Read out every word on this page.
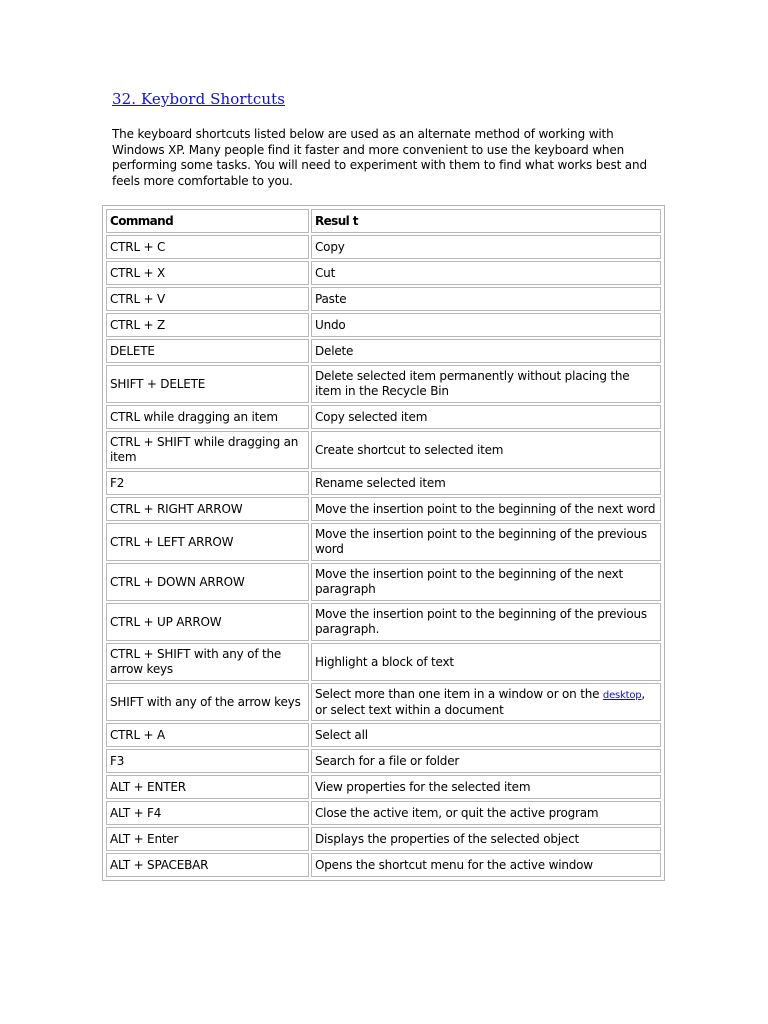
32. Keybord Shortcuts

The keyboard shortcuts listed below are used as an alternate method of working with Windows XP. Many people find it faster and more convenient to use the keyboard when performing some tasks. You will need to experiment with them to find what works best and feels more comfortable to you.

Command	Resul t
CTRL + C	Copy
CTRL + X	Cut
CTRL + V	Paste
CTRL + Z	Undo
DELETE	Delete
SHIFT + DELETE	Delete selected item permanently without placing the item in the Recycle Bin
CTRL while dragging an item	Copy selected item
CTRL + SHIFT while dragging an item	Create shortcut to selected item
F2	Rename selected item
CTRL + RIGHT ARROW	Move the insertion point to the beginning of the next word
CTRL + LEFT ARROW	Move the insertion point to the beginning of the previous word
CTRL + DOWN ARROW	Move the insertion point to the beginning of the next paragraph
CTRL + UP ARROW	Move the insertion point to the beginning of the previous paragraph.
CTRL + SHIFT with any of the arrow keys	Highlight a block of text
SHIFT with any of the arrow keys	Select more than one item in a window or on the desktop, or select text within a document
CTRL + A	Select all
F3	Search for a file or folder
ALT + ENTER	View properties for the selected item
ALT + F4	Close the active item, or quit the active program
ALT + Enter	Displays the properties of the selected object
ALT + SPACEBAR	Opens the shortcut menu for the active window
